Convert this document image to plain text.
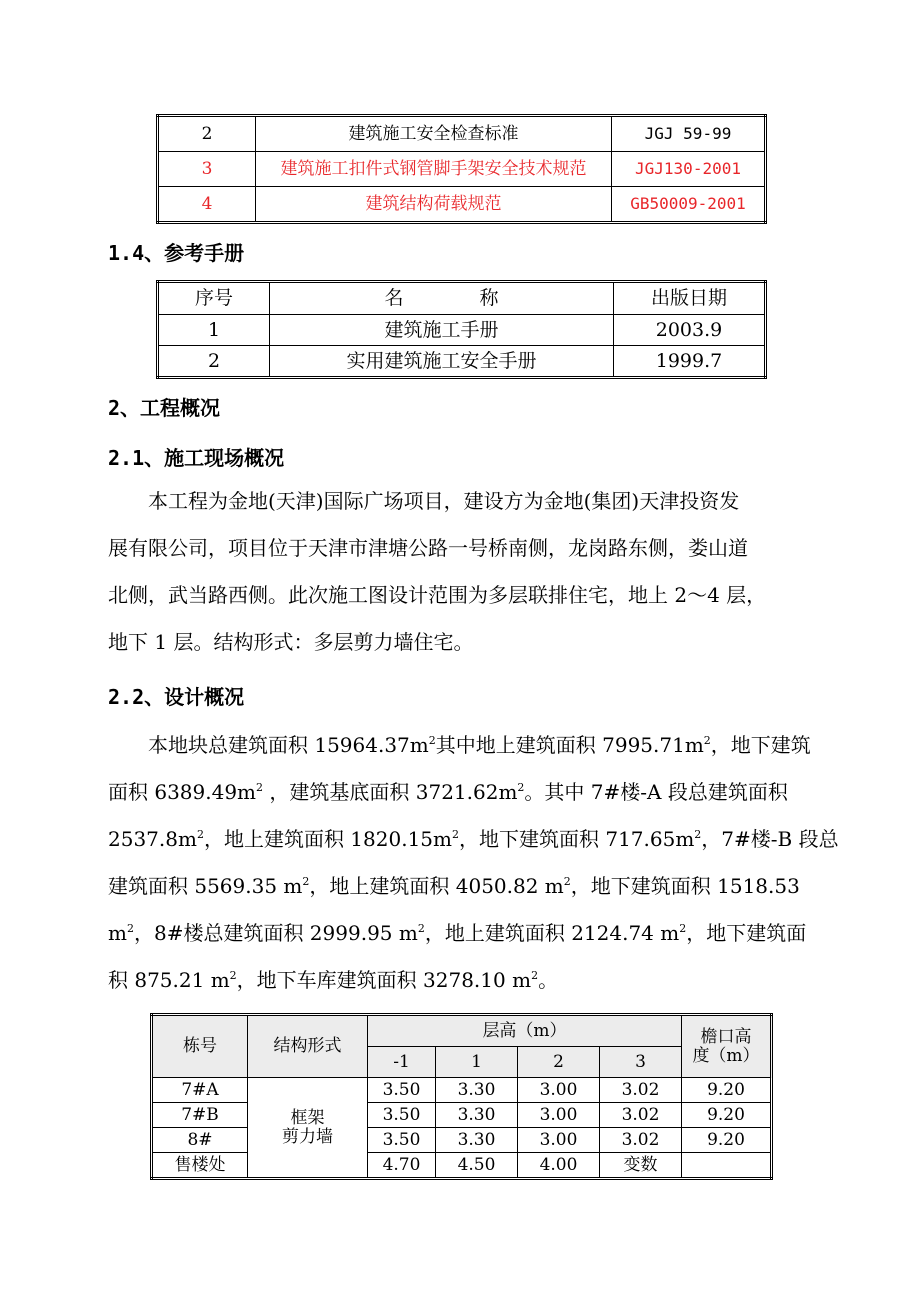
2	建筑施工安全检查标准	JGJ 59-99
3	建筑施工扣件式钢管脚手架安全技术规范	JGJ130-2001
4	建筑结构荷载规范	GB50009-2001
1.4、参考手册
序号	名　　　　称	出版日期
1	建筑施工手册	2003.9
2	实用建筑施工安全手册	1999.7
2、工程概况
2.1、施工现场概况
本工程为金地(天津)国际广场项目，建设方为金地(集团)天津投资发
展有限公司，项目位于天津市津塘公路一号桥南侧，龙岗路东侧，娄山道
北侧，武当路西侧。此次施工图设计范围为多层联排住宅，地上 2～4 层，
地下 1 层。结构形式：多层剪力墙住宅。
2.2、设计概况
本地块总建筑面积 $15964.37m^2$其中地上建筑面积 $7995.71m^2$，地下建筑
面积 $6389.49m^2$ ，建筑基底面积 $3721.62m^2$。其中 7#楼-A 段总建筑面积
$2537.8m^2$，地上建筑面积 $1820.15m^2$，地下建筑面积 $717.65m^2$，7#楼-B 段总
建筑面积 5569.35 $m^2$，地上建筑面积 4050.82 $m^2$，地下建筑面积 1518.53
$m^2$，8#楼总建筑面积 2999.95 $m^2$，地上建筑面积 2124.74 $m^2$，地下建筑面
积 875.21 $m^2$，地下车库建筑面积 3278.10 $m^2$。
栋号	结构形式	层高（m）				檐口高
度（m）
		-1	1	2	3	
7#A	框架
剪力墙	3.50	3.30	3.00	3.02	9.20
7#B		3.50	3.30	3.00	3.02	9.20
8#		3.50	3.30	3.00	3.02	9.20
售楼处		4.70	4.50	4.00	变数	
